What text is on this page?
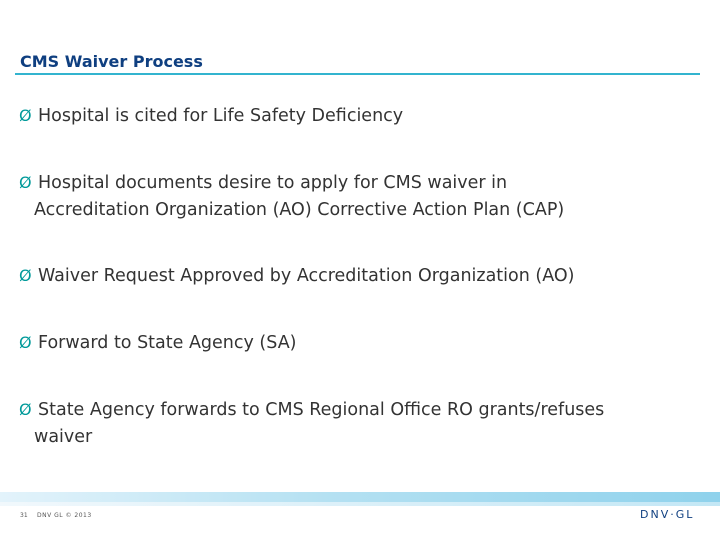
CMS Waiver Process
Ø Hospital is cited for Life Safety Deficiency
Ø Hospital documents desire to apply for CMS waiver in
Accreditation Organization (AO) Corrective Action Plan (CAP)
Ø Waiver Request Approved by Accreditation Organization (AO)
Ø Forward to State Agency (SA)
Ø State Agency forwards to CMS Regional Office RO grants/refuses
waiver
31 DNV GL © 2013	DNV·GL
